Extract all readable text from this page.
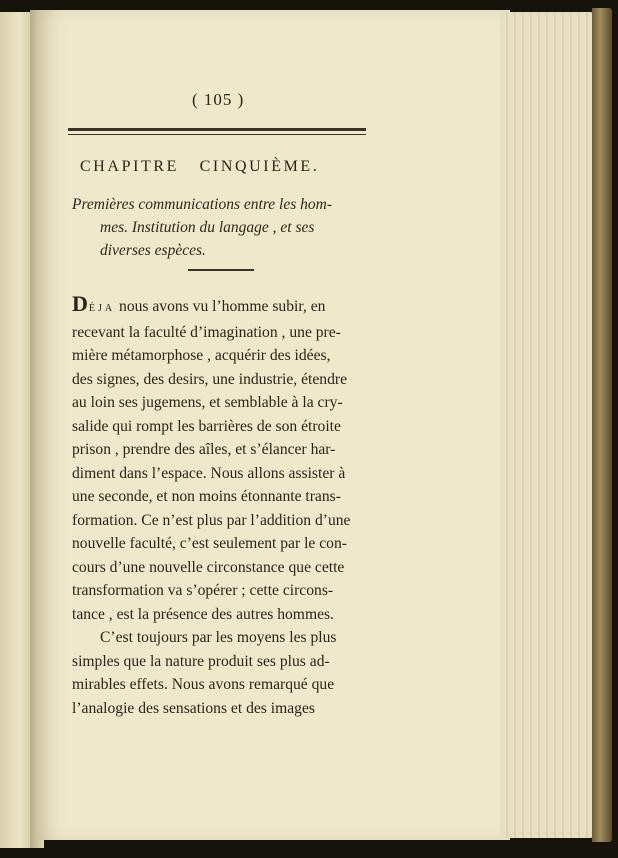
( 105 )
CHAPITRE CINQUIÈME.
Premières communications entre les hom-
mes. Institution du langage , et ses
diverses espèces.
DÉJA nous avons vu l’homme subir, en
recevant la faculté d’imagination , une pre-
mière métamorphose , acquérir des idées,
des signes, des desirs, une industrie, étendre
au loin ses jugemens, et semblable à la cry-
salide qui rompt les barrières de son étroite
prison , prendre des aîles, et s’élancer har-
diment dans l’espace. Nous allons assister à
une seconde, et non moins étonnante trans-
formation. Ce n’est plus par l’addition d’une
nouvelle faculté, c’est seulement par le con-
cours d’une nouvelle circonstance que cette
transformation va s’opérer ; cette circons-
tance , est la présence des autres hommes.
C’est toujours par les moyens les plus
simples que la nature produit ses plus ad-
mirables effets. Nous avons remarqué que
l’analogie des sensations et des images
